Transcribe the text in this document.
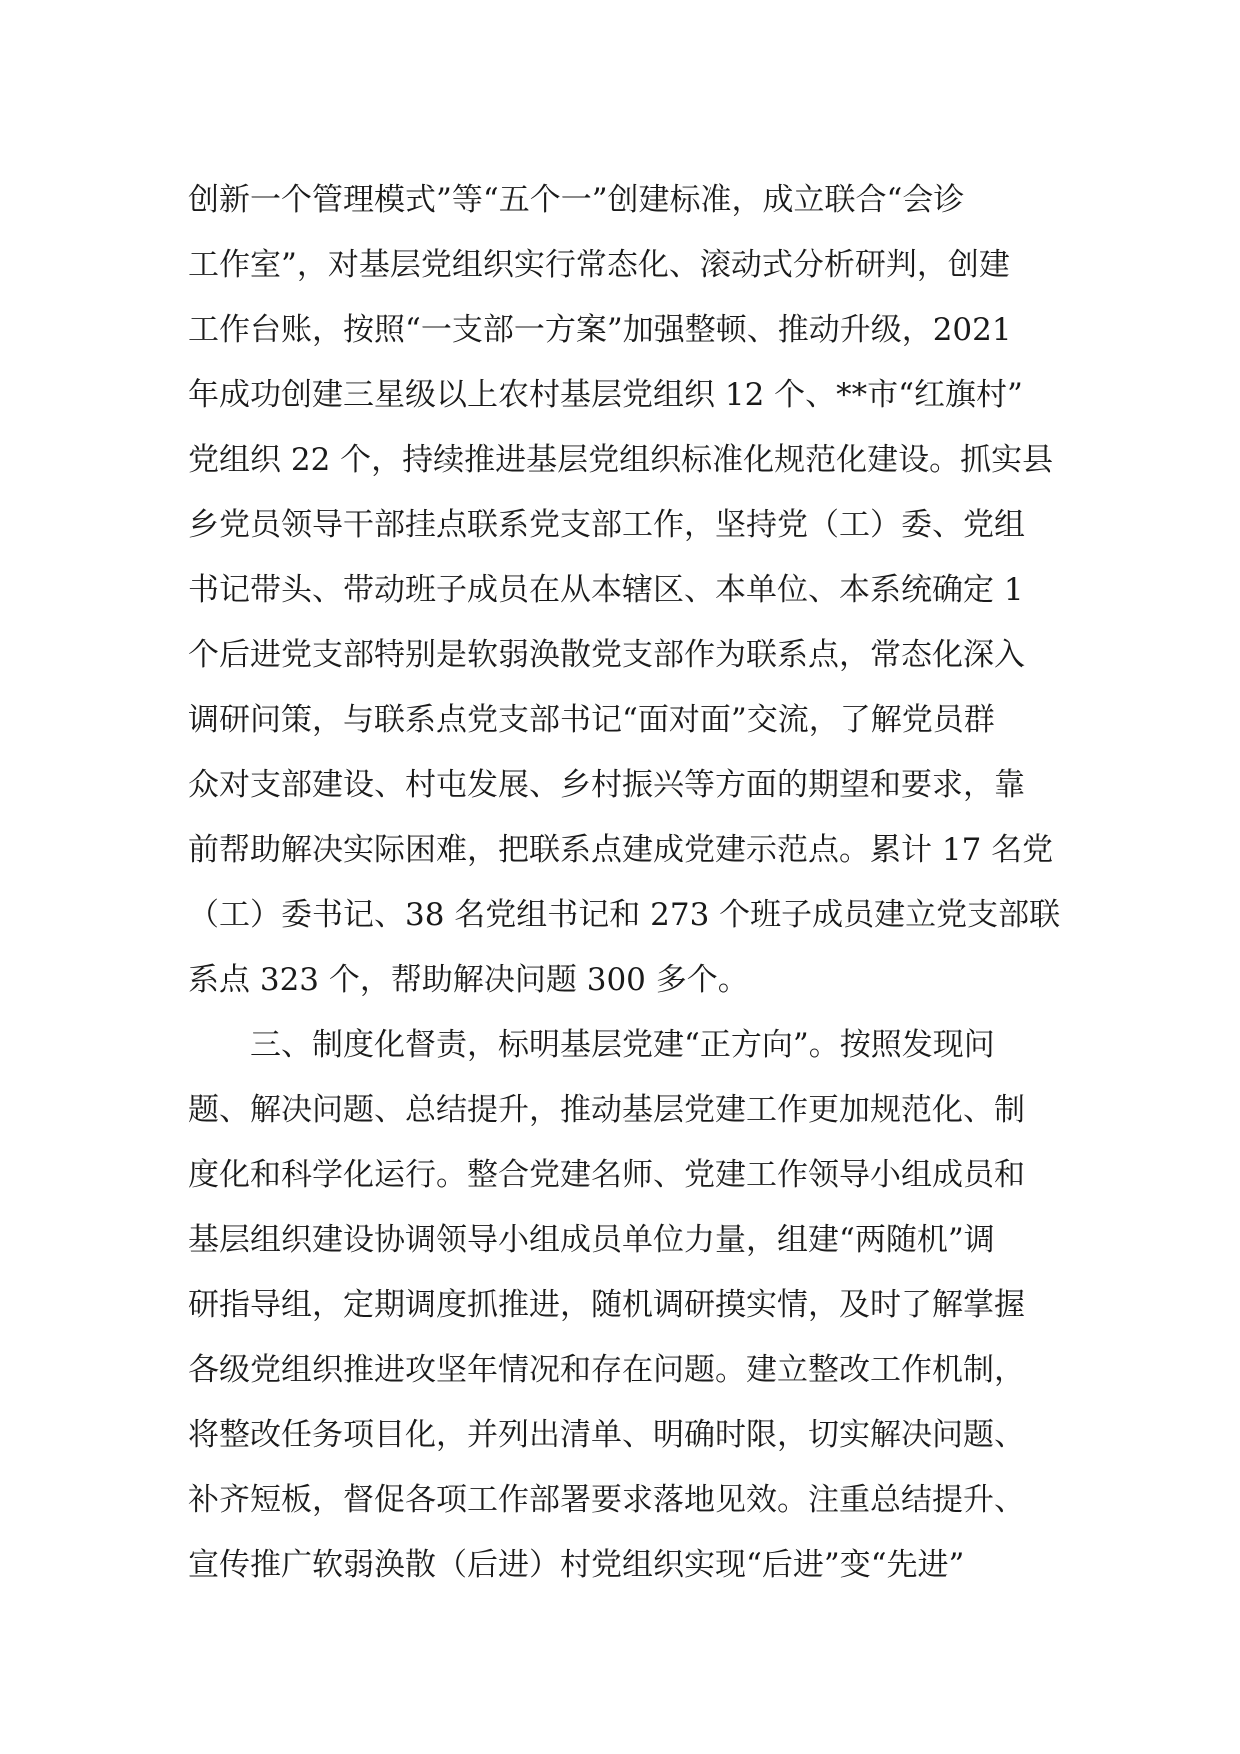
创新一个管理模式”等“五个一”创建标准，成立联合“会诊
工作室”，对基层党组织实行常态化、滚动式分析研判，创建
工作台账，按照“一支部一方案”加强整顿、推动升级，2021
年成功创建三星级以上农村基层党组织 12 个、**市“红旗村”
党组织 22 个，持续推进基层党组织标准化规范化建设。抓实县
乡党员领导干部挂点联系党支部工作，坚持党（工）委、党组
书记带头、带动班子成员在从本辖区、本单位、本系统确定 1
个后进党支部特别是软弱涣散党支部作为联系点，常态化深入
调研问策，与联系点党支部书记“面对面”交流，了解党员群
众对支部建设、村屯发展、乡村振兴等方面的期望和要求，靠
前帮助解决实际困难，把联系点建成党建示范点。累计 17 名党
（工）委书记、38 名党组书记和 273 个班子成员建立党支部联
系点 323 个，帮助解决问题 300 多个。
　　三、制度化督责，标明基层党建“正方向”。按照发现问
题、解决问题、总结提升，推动基层党建工作更加规范化、制
度化和科学化运行。整合党建名师、党建工作领导小组成员和
基层组织建设协调领导小组成员单位力量，组建“两随机”调
研指导组，定期调度抓推进，随机调研摸实情，及时了解掌握
各级党组织推进攻坚年情况和存在问题。建立整改工作机制，
将整改任务项目化，并列出清单、明确时限，切实解决问题、
补齐短板，督促各项工作部署要求落地见效。注重总结提升、
宣传推广软弱涣散（后进）村党组织实现“后进”变“先进”
